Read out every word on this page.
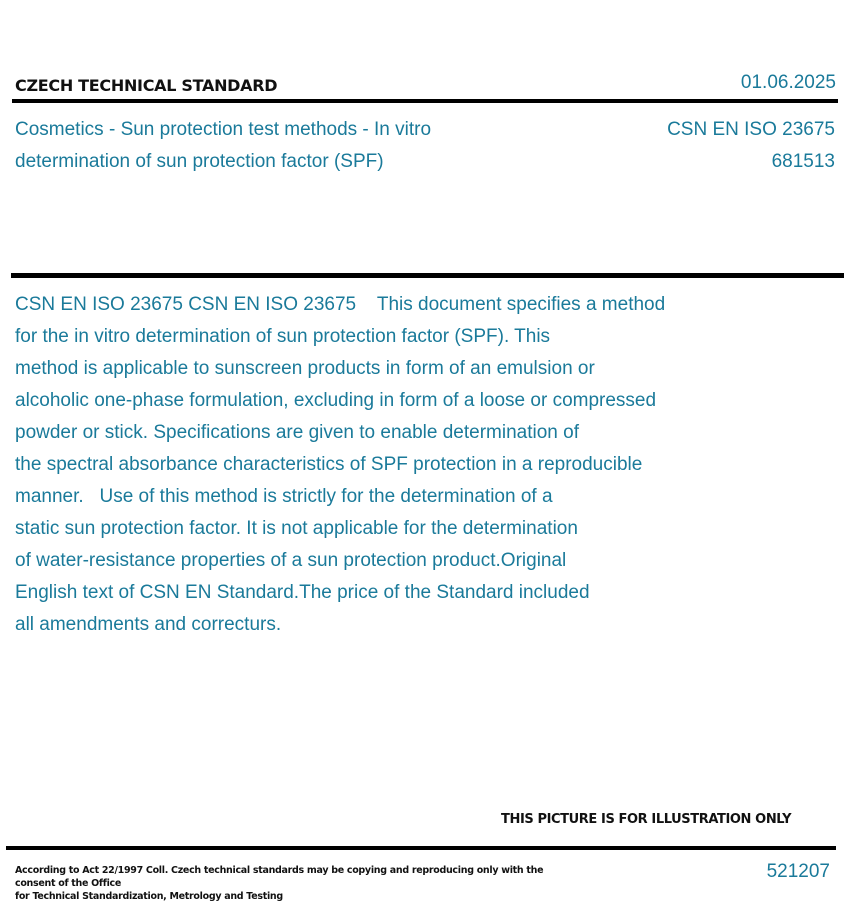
CZECH TECHNICAL STANDARD	01.06.2025
Cosmetics - Sun protection test methods - In vitro
determination of sun protection factor (SPF)
CSN EN ISO 23675
681513
CSN EN ISO 23675 CSN EN ISO 23675    This document specifies a method
for the in vitro determination of sun protection factor (SPF). This
method is applicable to sunscreen products in form of an emulsion or
alcoholic one-phase formulation, excluding in form of a loose or compressed
powder or stick. Specifications are given to enable determination of
the spectral absorbance characteristics of SPF protection in a reproducible
manner.   Use of this method is strictly for the determination of a
static sun protection factor. It is not applicable for the determination
of water-resistance properties of a sun protection product.Original
English text of CSN EN Standard.The price of the Standard included
all amendments and correcturs.
THIS PICTURE IS FOR ILLUSTRATION ONLY
According to Act 22/1997 Coll. Czech technical standards may be copying and reproducing only with the consent of the Office
for Technical Standardization, Metrology and Testing
521207
